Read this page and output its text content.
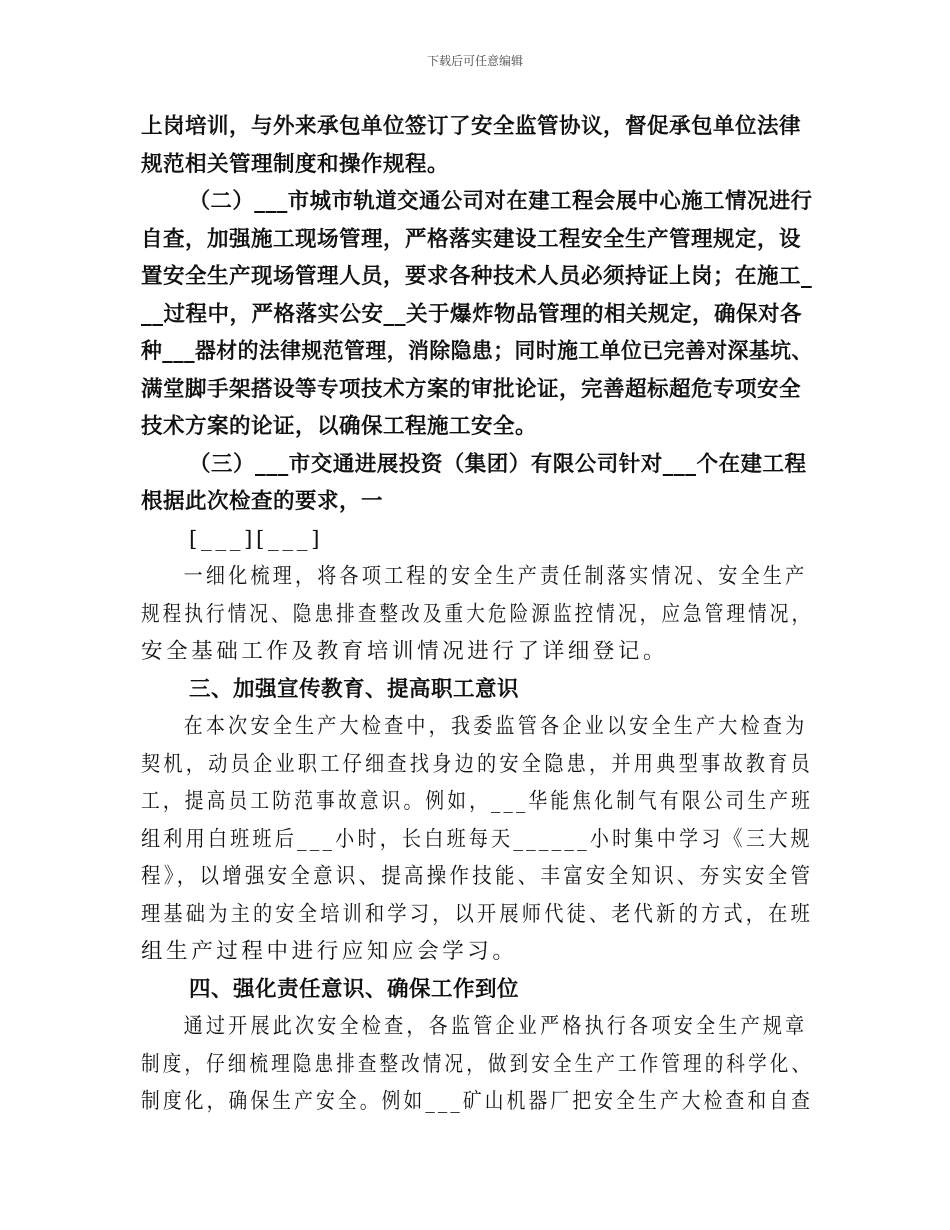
下载后可任意编辑
上岗培训，与外来承包单位签订了安全监管协议，督促承包单位法律
规范相关管理制度和操作规程。
（二）___市城市轨道交通公司对在建工程会展中心施工情况进行
自查，加强施工现场管理，严格落实建设工程安全生产管理规定，设
置安全生产现场管理人员，要求各种技术人员必须持证上岗；在施工_
__过程中，严格落实公安__关于爆炸物品管理的相关规定，确保对各
种___器材的法律规范管理，消除隐患；同时施工单位已完善对深基坑、
满堂脚手架搭设等专项技术方案的审批论证，完善超标超危专项安全
技术方案的论证，以确保工程施工安全。
（三）___市交通进展投资（集团）有限公司针对___个在建工程
根据此次检查的要求，一
[___][___]
一细化梳理，将各项工程的安全生产责任制落实情况、安全生产
规程执行情况、隐患排查整改及重大危险源监控情况，应急管理情况，
安全基础工作及教育培训情况进行了详细登记。
三、加强宣传教育、提高职工意识
在本次安全生产大检查中，我委监管各企业以安全生产大检查为
契机，动员企业职工仔细查找身边的安全隐患，并用典型事故教育员
工，提高员工防范事故意识。例如，___华能焦化制气有限公司生产班
组利用白班班后___小时，长白班每天______小时集中学习《三大规
程》，以增强安全意识、提高操作技能、丰富安全知识、夯实安全管
理基础为主的安全培训和学习，以开展师代徒、老代新的方式，在班
组生产过程中进行应知应会学习。
四、强化责任意识、确保工作到位
通过开展此次安全检查，各监管企业严格执行各项安全生产规章
制度，仔细梳理隐患排查整改情况，做到安全生产工作管理的科学化、
制度化，确保生产安全。例如___矿山机器厂把安全生产大检查和自查
